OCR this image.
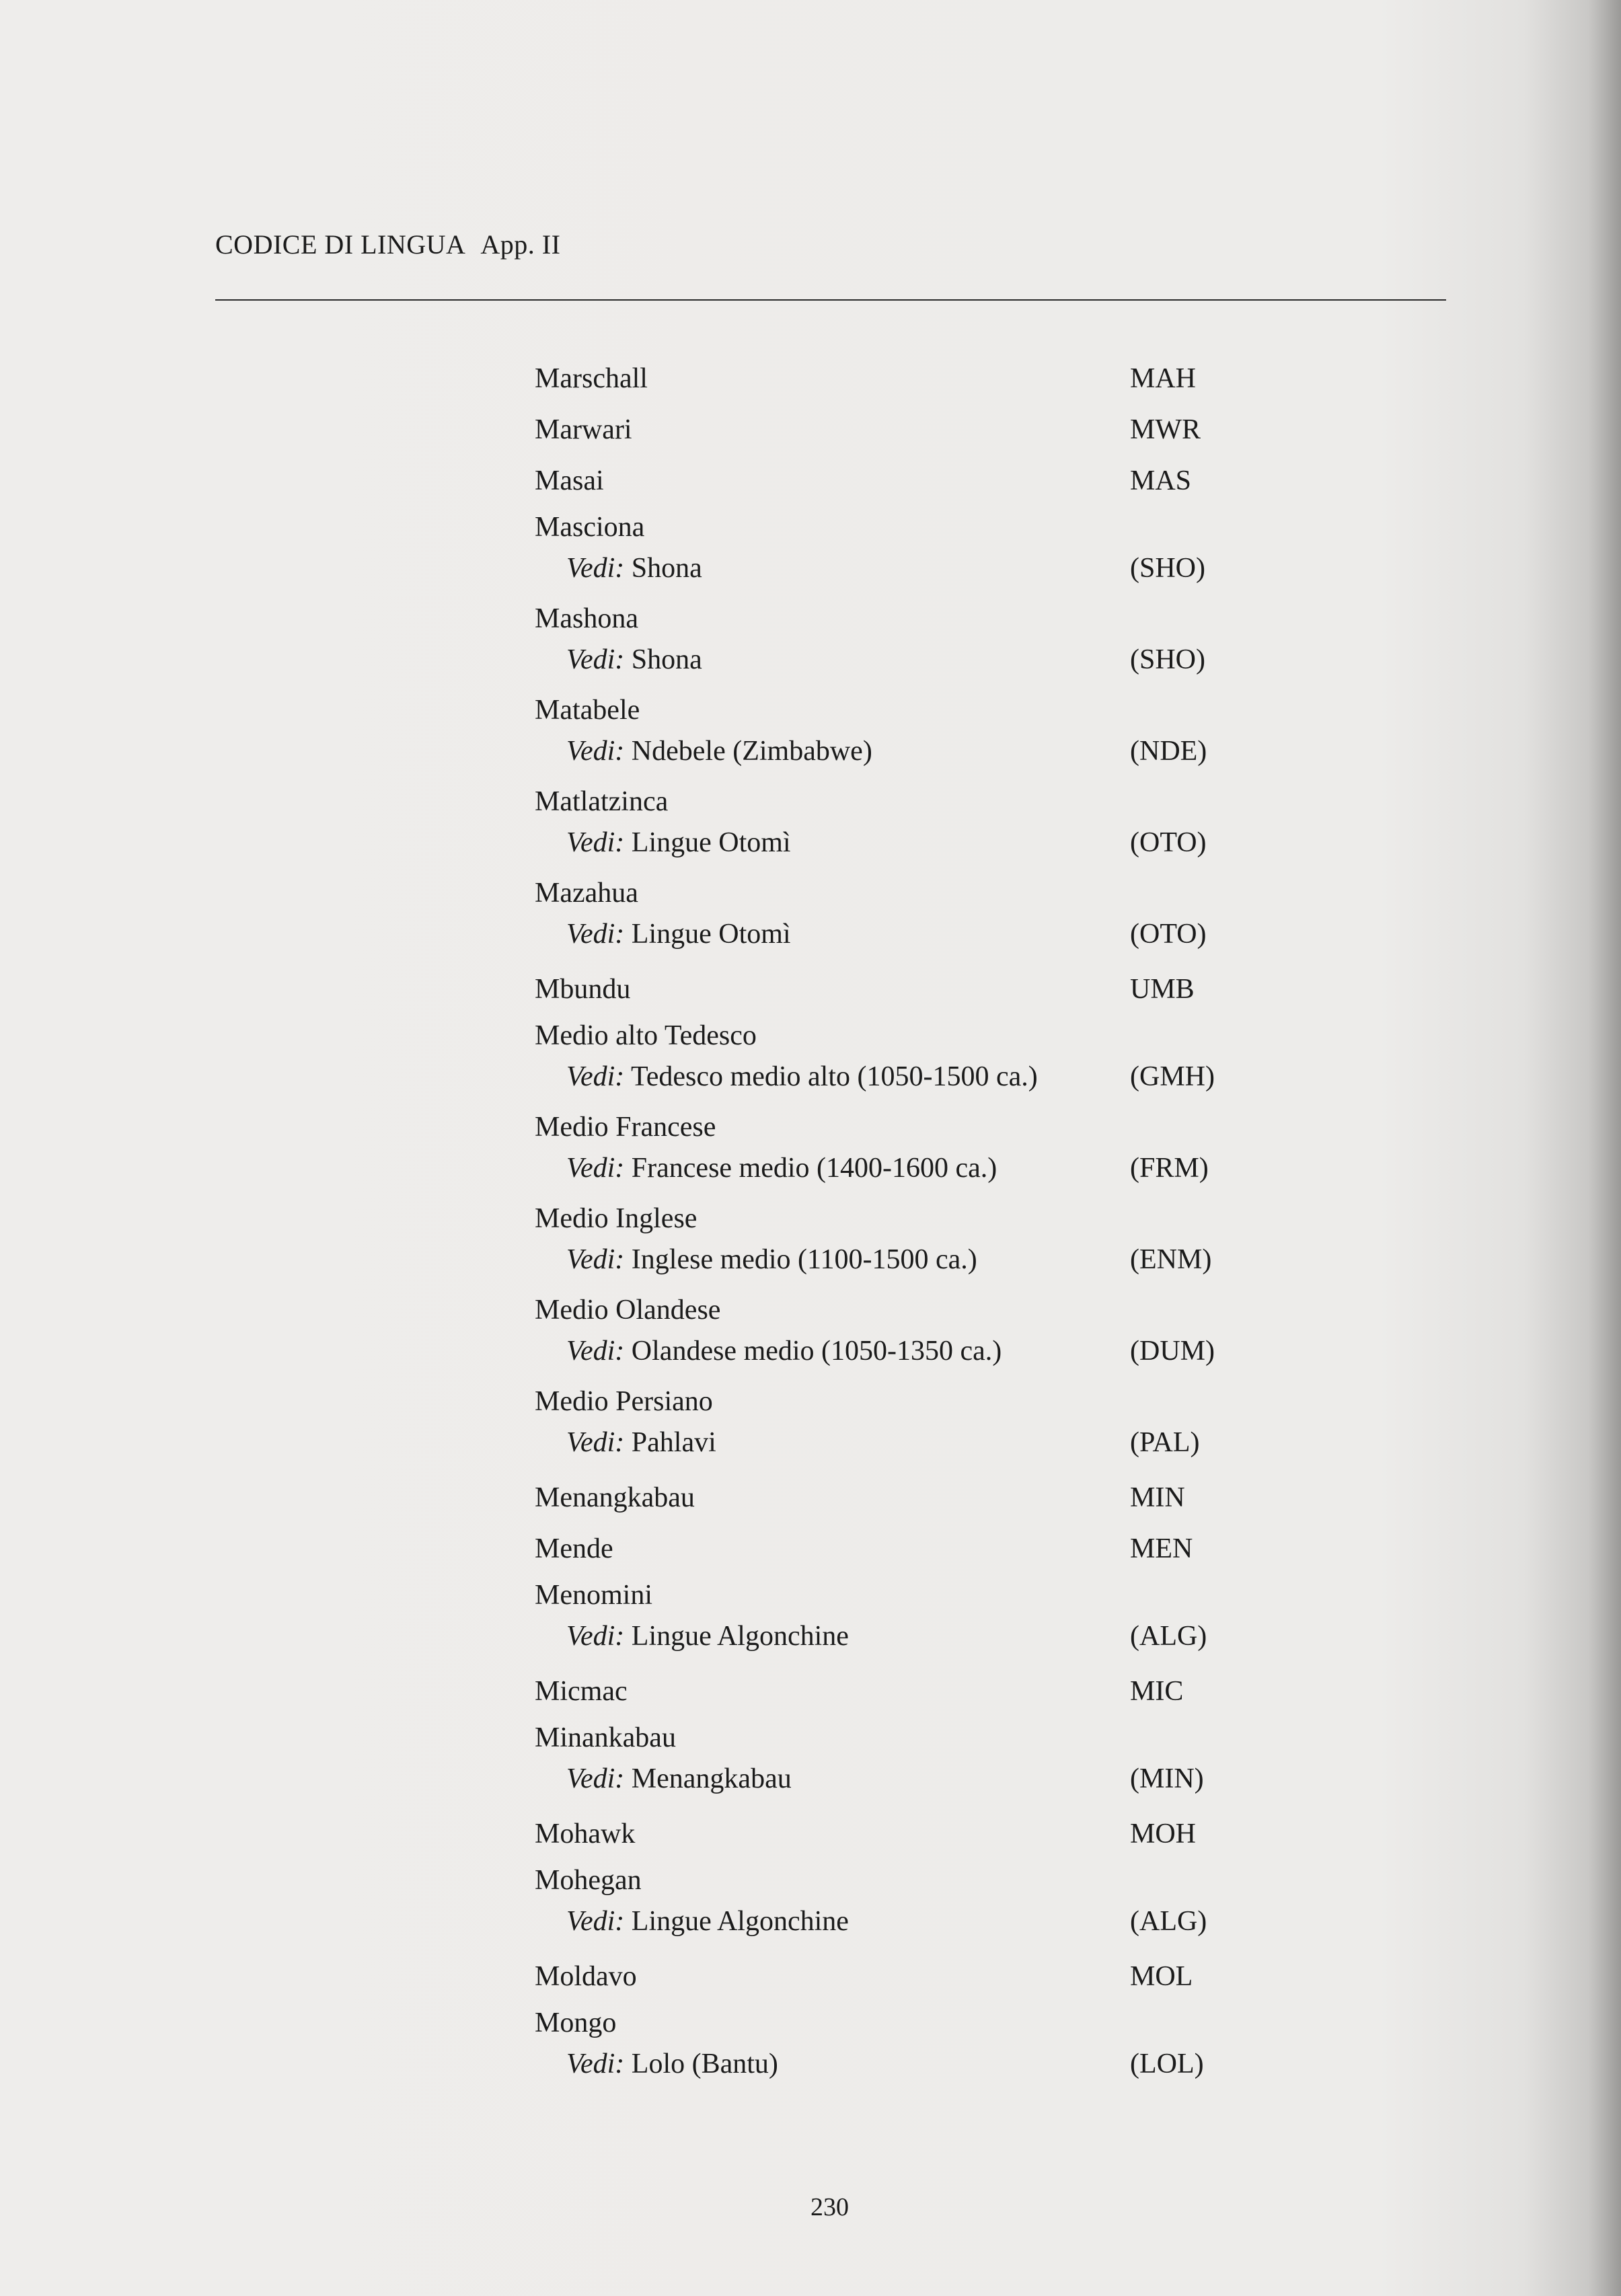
CODICE DI LINGUA App. II
Marschall	MAH
Marwari	MWR
Masai	MAS
Masciona
Vedi: Shona	(SHO)
Mashona
Vedi: Shona	(SHO)
Matabele
Vedi: Ndebele (Zimbabwe)	(NDE)
Matlatzinca
Vedi: Lingue Otomì	(OTO)
Mazahua
Vedi: Lingue Otomì	(OTO)
Mbundu	UMB
Medio alto Tedesco
Vedi: Tedesco medio alto (1050-1500 ca.)	(GMH)
Medio Francese
Vedi: Francese medio (1400-1600 ca.)	(FRM)
Medio Inglese
Vedi: Inglese medio (1100-1500 ca.)	(ENM)
Medio Olandese
Vedi: Olandese medio (1050-1350 ca.)	(DUM)
Medio Persiano
Vedi: Pahlavi	(PAL)
Menangkabau	MIN
Mende	MEN
Menomini
Vedi: Lingue Algonchine	(ALG)
Micmac	MIC
Minankabau
Vedi: Menangkabau	(MIN)
Mohawk	MOH
Mohegan
Vedi: Lingue Algonchine	(ALG)
Moldavo	MOL
Mongo
Vedi: Lolo (Bantu)	(LOL)
230
